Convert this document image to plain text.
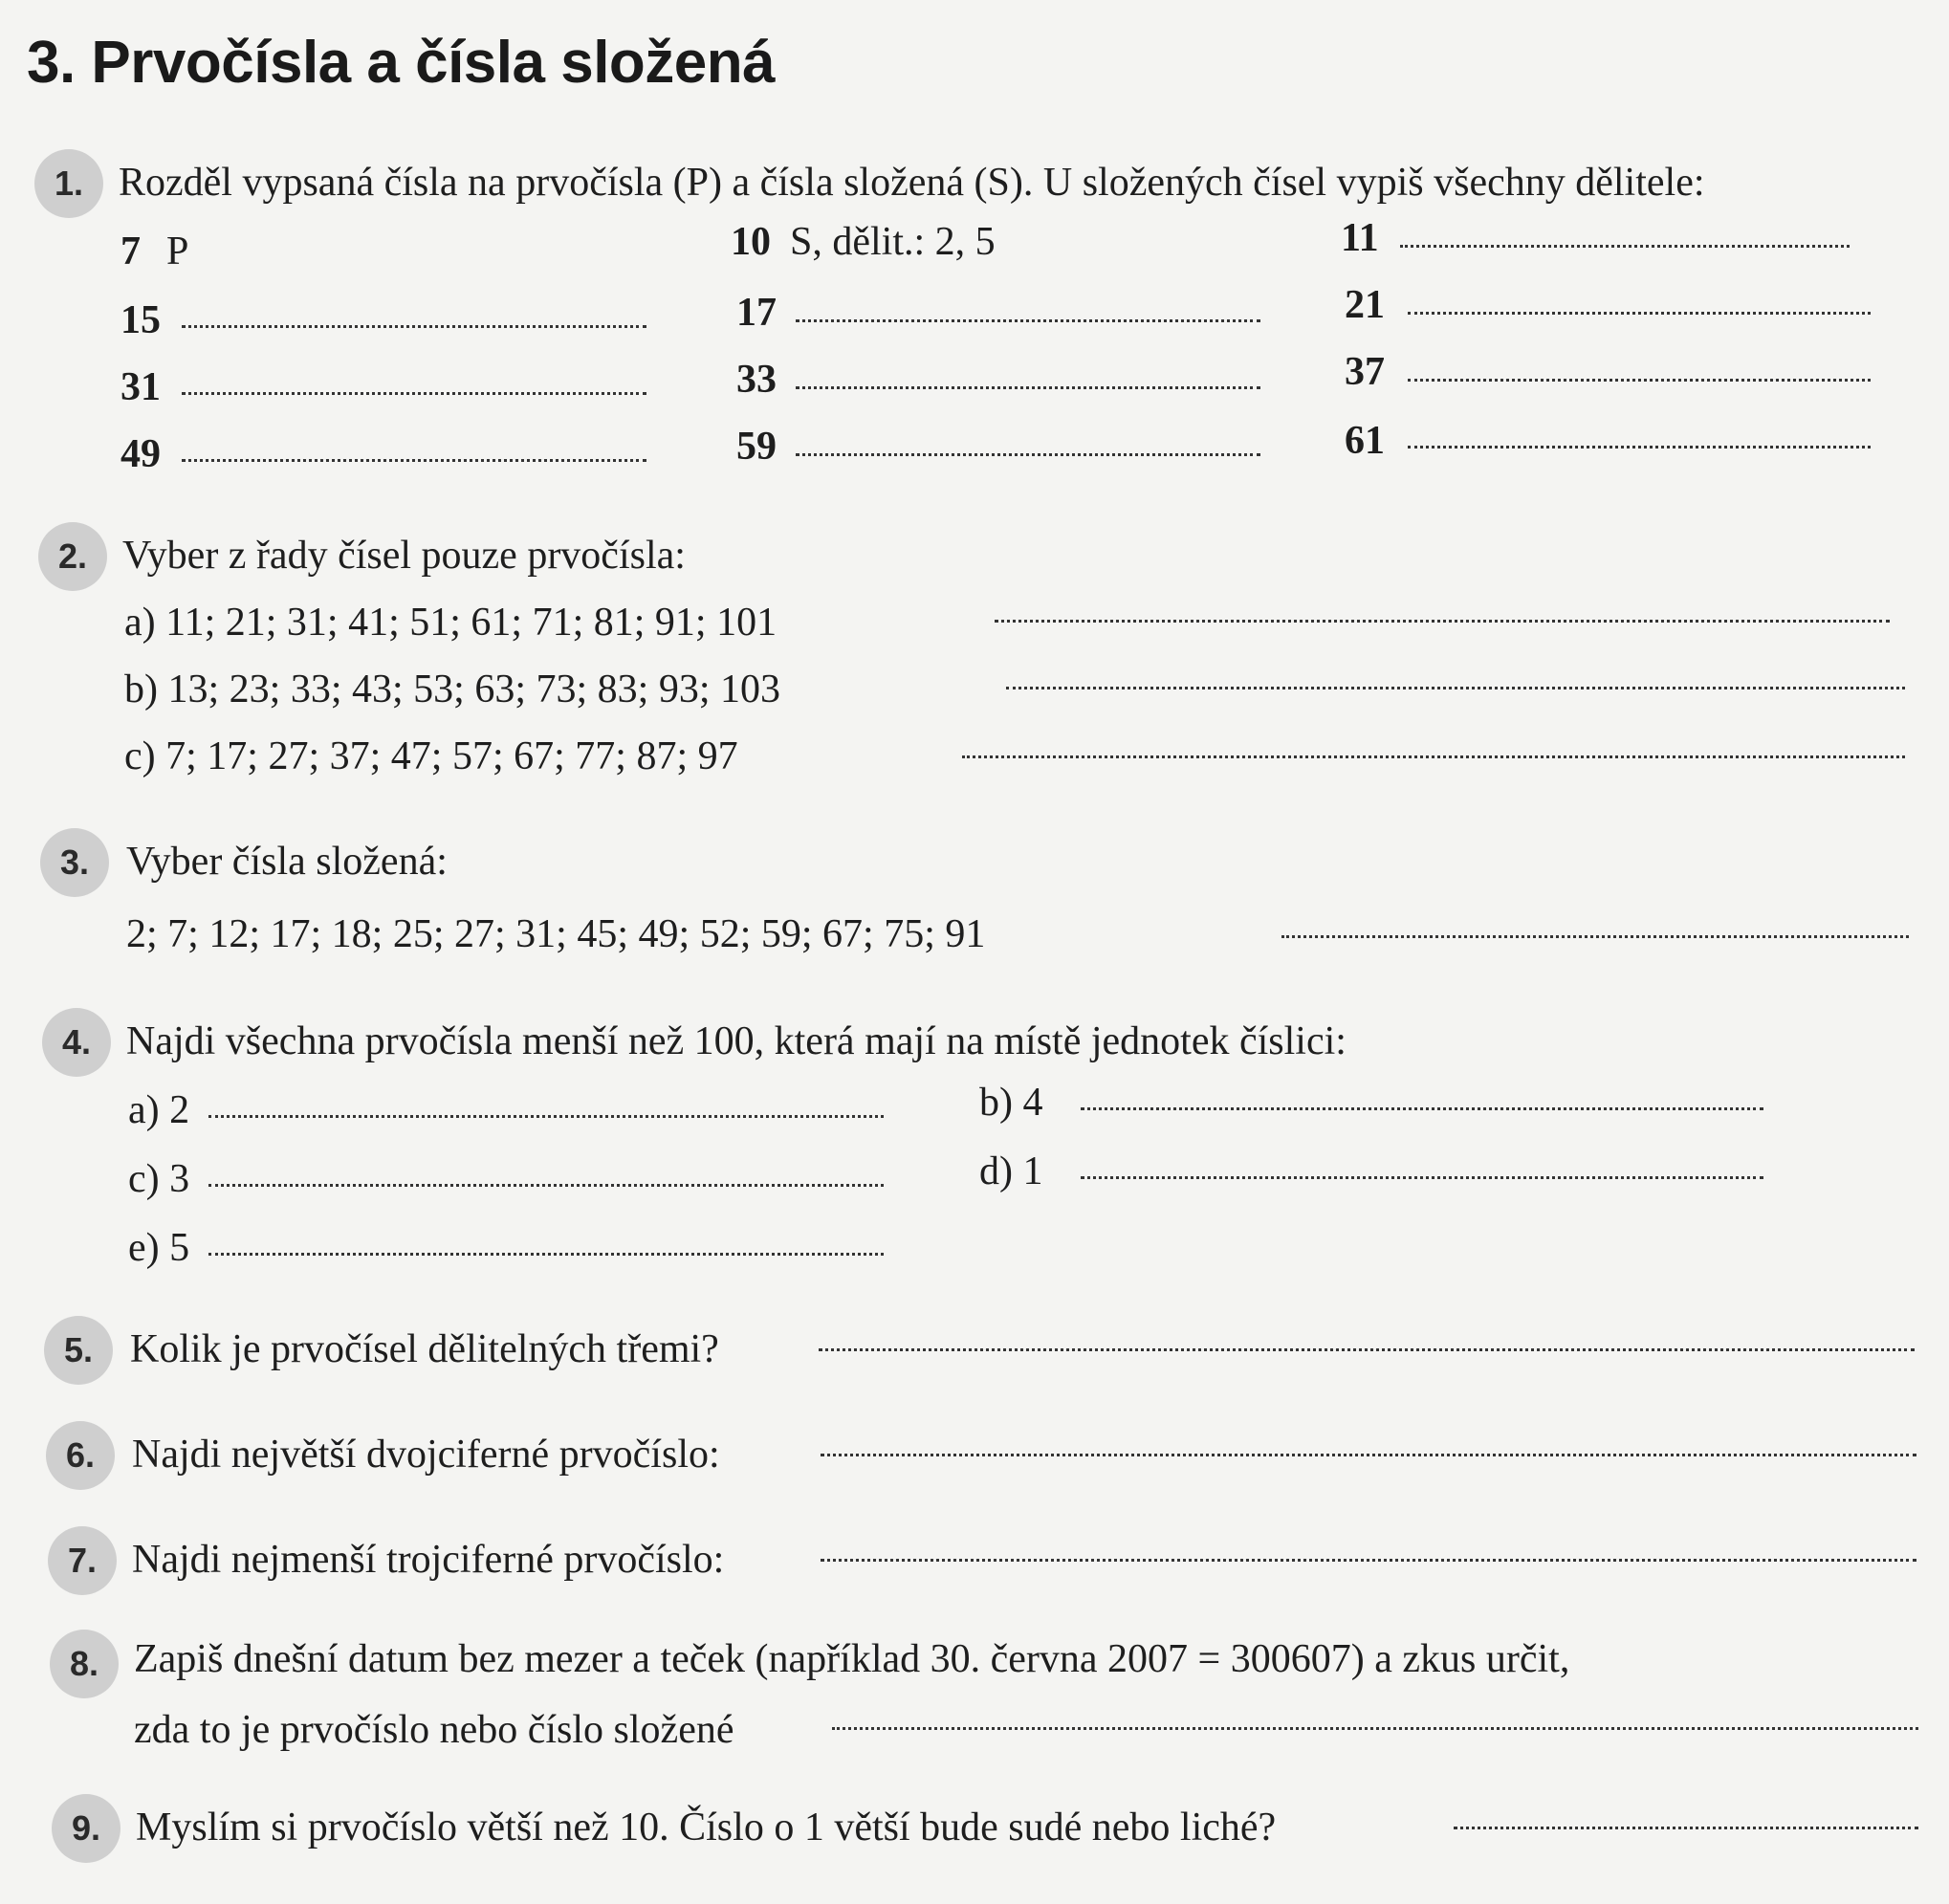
3. Prvočísla a čísla složená
1. Rozděl vypsaná čísla na prvočísla (P) a čísla složená (S). U složených čísel vypiš všechny dělitele:
7 P	10 S, dělit.: 2, 5	11
15	17	21
31	33	37
49	59	61
2. Vyber z řady čísel pouze prvočísla:
a) 11; 21; 31; 41; 51; 61; 71; 81; 91; 101
b) 13; 23; 33; 43; 53; 63; 73; 83; 93; 103
c) 7; 17; 27; 37; 47; 57; 67; 77; 87; 97
3. Vyber čísla složená:
2; 7; 12; 17; 18; 25; 27; 31; 45; 49; 52; 59; 67; 75; 91
4. Najdi všechna prvočísla menší než 100, která mají na místě jednotek číslici:
a) 2	b) 4
c) 3	d) 1
e) 5
5. Kolik je prvočísel dělitelných třemi?
6. Najdi největší dvojciferné prvočíslo:
7. Najdi nejmenší trojciferné prvočíslo:
8. Zapiš dnešní datum bez mezer a teček (například 30. června 2007 = 300607) a zkus určit,
zda to je prvočíslo nebo číslo složené
9. Myslím si prvočíslo větší než 10. Číslo o 1 větší bude sudé nebo liché?
